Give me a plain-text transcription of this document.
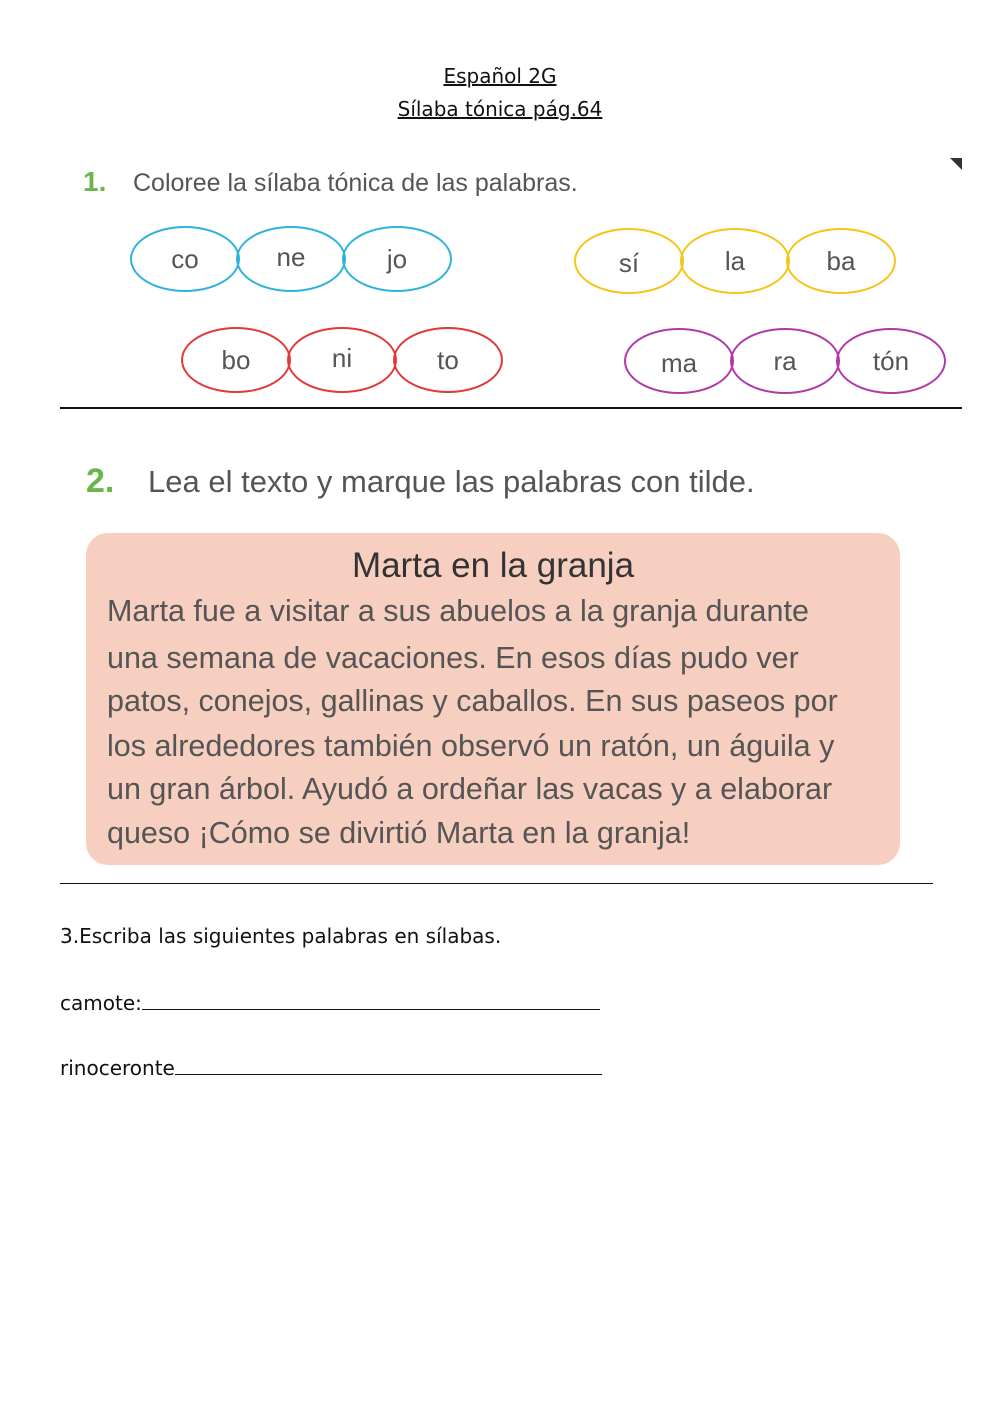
Español 2G
Sílaba tónica pág.64
1. Coloree la sílaba tónica de las palabras.
co	ne	jo	sí	la	ba
bo	ni	to	ma	ra	tón
2. Lea el texto y marque las palabras con tilde.
Marta en la granja
Marta fue a visitar a sus abuelos a la granja durante
una semana de vacaciones. En esos días pudo ver
patos, conejos, gallinas y caballos. En sus paseos por
los alrededores también observó un ratón, un águila y
un gran árbol. Ayudó a ordeñar las vacas y a elaborar
queso ¡Cómo se divirtió Marta en la granja!
3.Escriba las siguientes palabras en sílabas.
camote:
rinoceronte
